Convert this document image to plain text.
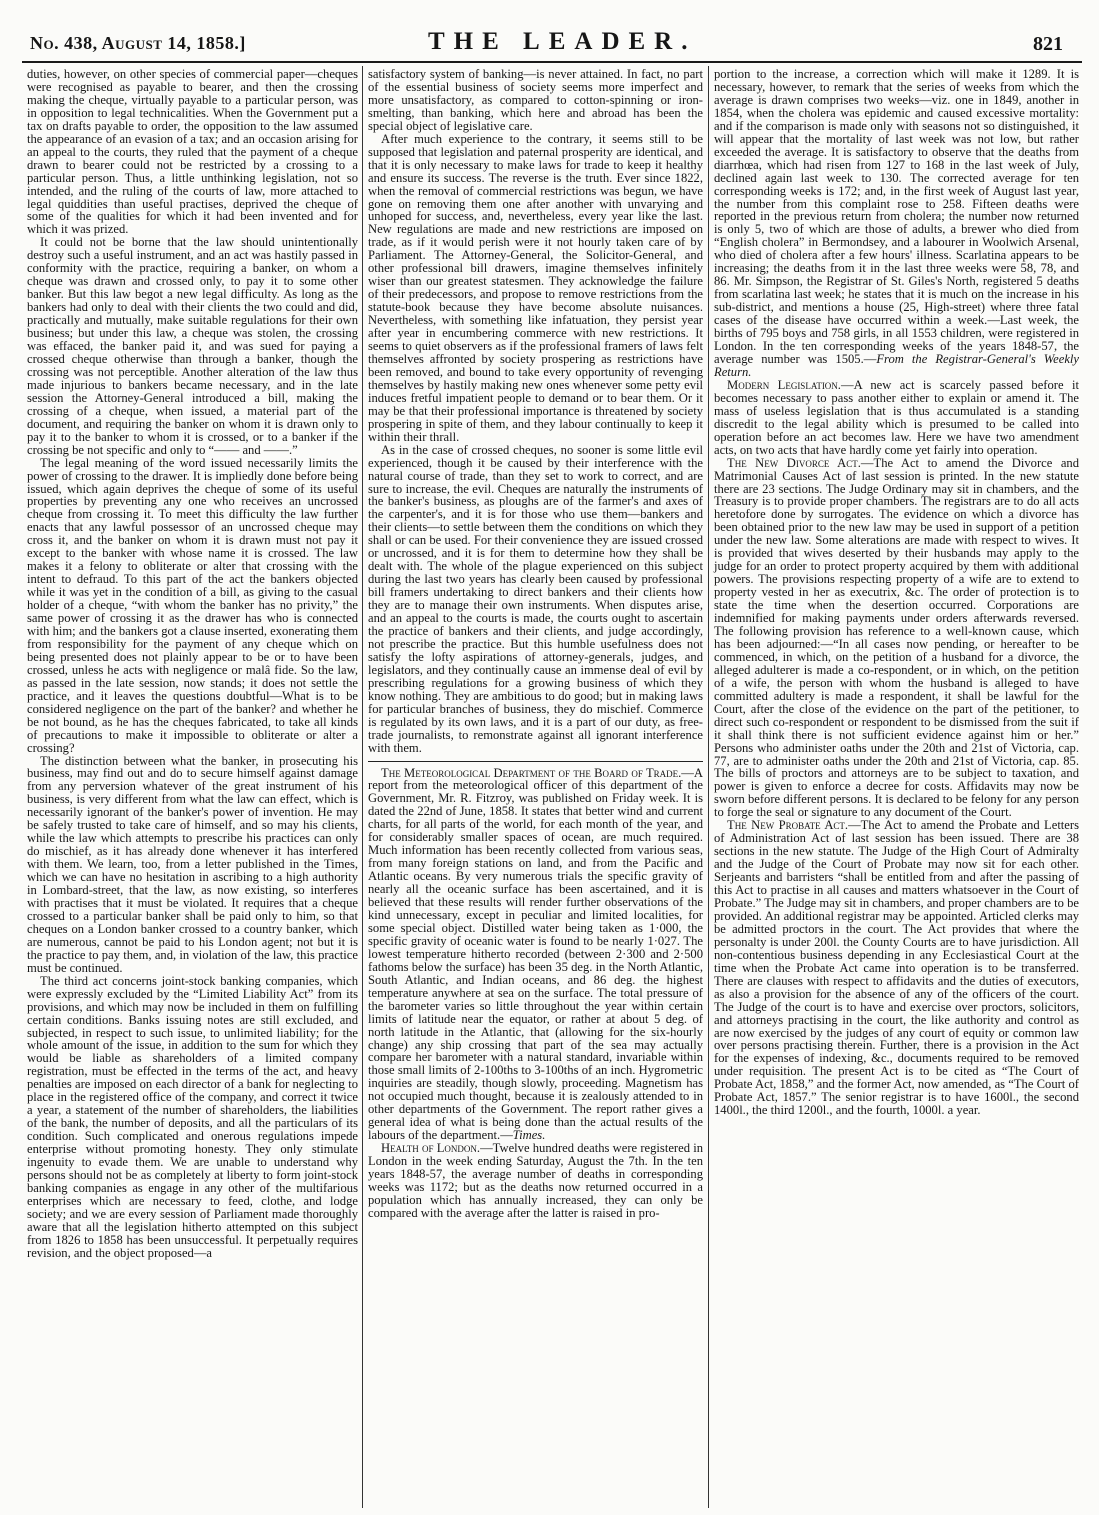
No. 438, August 14, 1858.]	THE LEADER.	821

duties, however, on other species of commercial paper—cheques were recognised as payable to bearer, and then the crossing making the cheque, virtually payable to a particular person, was in opposition to legal technicalities. When the Government put a tax on drafts payable to order, the opposition to the law assumed the appearance of an evasion of a tax; and an occasion arising for an appeal to the courts, they ruled that the payment of a cheque drawn to bearer could not be restricted by a crossing to a particular person. Thus, a little unthinking legislation, not so intended, and the ruling of the courts of law, more attached to legal quiddities than useful practises, deprived the cheque of some of the qualities for which it had been invented and for which it was prized.

It could not be borne that the law should unintentionally destroy such a useful instrument, and an act was hastily passed in conformity with the practice, requiring a banker, on whom a cheque was drawn and crossed only, to pay it to some other banker. But this law begot a new legal difficulty. As long as the bankers had only to deal with their clients the two could and did, practically and mutually, make suitable regulations for their own business; but under this law, a cheque was stolen, the crossing was effaced, the banker paid it, and was sued for paying a crossed cheque otherwise than through a banker, though the crossing was not perceptible. Another alteration of the law thus made injurious to bankers became necessary, and in the late session the Attorney-General introduced a bill, making the crossing of a cheque, when issued, a material part of the document, and requiring the banker on whom it is drawn only to pay it to the banker to whom it is crossed, or to a banker if the crossing be not specific and only to “—— and ——.”

The legal meaning of the word issued necessarily limits the power of crossing to the drawer. It is impliedly done before being issued, which again deprives the cheque of some of its useful properties by preventing any one who receives an uncrossed cheque from crossing it. To meet this difficulty the law further enacts that any lawful possessor of an uncrossed cheque may cross it, and the banker on whom it is drawn must not pay it except to the banker with whose name it is crossed. The law makes it a felony to obliterate or alter that crossing with the intent to defraud. To this part of the act the bankers objected while it was yet in the condition of a bill, as giving to the casual holder of a cheque, “with whom the banker has no privity,” the same power of crossing it as the drawer has who is connected with him; and the bankers got a clause inserted, exonerating them from responsibility for the payment of any cheque which on being presented does not plainly appear to be or to have been crossed, unless he acts with negligence or malâ fide. So the law, as passed in the late session, now stands; it does not settle the practice, and it leaves the questions doubtful—What is to be considered negligence on the part of the banker? and whether he be not bound, as he has the cheques fabricated, to take all kinds of precautions to make it impossible to obliterate or alter a crossing?

The distinction between what the banker, in prosecuting his business, may find out and do to secure himself against damage from any perversion whatever of the great instrument of his business, is very different from what the law can effect, which is necessarily ignorant of the banker's power of invention. He may be safely trusted to take care of himself, and so may his clients, while the law which attempts to prescribe his practices can only do mischief, as it has already done whenever it has interfered with them. We learn, too, from a letter published in the Times, which we can have no hesitation in ascribing to a high authority in Lombard-street, that the law, as now existing, so interferes with practises that it must be violated. It requires that a cheque crossed to a particular banker shall be paid only to him, so that cheques on a London banker crossed to a country banker, which are numerous, cannot be paid to his London agent; not but it is the practice to pay them, and, in violation of the law, this practice must be continued.

The third act concerns joint-stock banking companies, which were expressly excluded by the “Limited Liability Act” from its provisions, and which may now be included in them on fulfilling certain conditions. Banks issuing notes are still excluded, and subjected, in respect to such issue, to unlimited liability; for the whole amount of the issue, in addition to the sum for which they would be liable as shareholders of a limited company registration, must be effected in the terms of the act, and heavy penalties are imposed on each director of a bank for neglecting to place in the registered office of the company, and correct it twice a year, a statement of the number of shareholders, the liabilities of the bank, the number of deposits, and all the particulars of its condition. Such complicated and onerous regulations impede enterprise without promoting honesty. They only stimulate ingenuity to evade them. We are unable to understand why persons should not be as completely at liberty to form joint-stock banking companies as engage in any other of the multifarious enterprises which are necessary to feed, clothe, and lodge society; and we are every session of Parliament made thoroughly aware that all the legislation hitherto attempted on this subject from 1826 to 1858 has been unsuccessful. It perpetually requires revision, and the object proposed—a

satisfactory system of banking—is never attained. In fact, no part of the essential business of society seems more imperfect and more unsatisfactory, as compared to cotton-spinning or iron-smelting, than banking, which here and abroad has been the special object of legislative care.

After much experience to the contrary, it seems still to be supposed that legislation and paternal prosperity are identical, and that it is only necessary to make laws for trade to keep it healthy and ensure its success. The reverse is the truth. Ever since 1822, when the removal of commercial restrictions was begun, we have gone on removing them one after another with unvarying and unhoped for success, and, nevertheless, every year like the last. New regulations are made and new restrictions are imposed on trade, as if it would perish were it not hourly taken care of by Parliament. The Attorney-General, the Solicitor-General, and other professional bill drawers, imagine themselves infinitely wiser than our greatest statesmen. They acknowledge the failure of their predecessors, and propose to remove restrictions from the statute-book because they have become absolute nuisances. Nevertheless, with something like infatuation, they persist year after year in encumbering commerce with new restrictions. It seems to quiet observers as if the professional framers of laws felt themselves affronted by society prospering as restrictions have been removed, and bound to take every opportunity of revenging themselves by hastily making new ones whenever some petty evil induces fretful impatient people to demand or to bear them. Or it may be that their professional importance is threatened by society prospering in spite of them, and they labour continually to keep it within their thrall.

As in the case of crossed cheques, no sooner is some little evil experienced, though it be caused by their interference with the natural course of trade, than they set to work to correct, and are sure to increase, the evil. Cheques are naturally the instruments of the banker's business, as ploughs are of the farmer's and axes of the carpenter's, and it is for those who use them—bankers and their clients—to settle between them the conditions on which they shall or can be used. For their convenience they are issued crossed or uncrossed, and it is for them to determine how they shall be dealt with. The whole of the plague experienced on this subject during the last two years has clearly been caused by professional bill framers undertaking to direct bankers and their clients how they are to manage their own instruments. When disputes arise, and an appeal to the courts is made, the courts ought to ascertain the practice of bankers and their clients, and judge accordingly, not prescribe the practice. But this humble usefulness does not satisfy the lofty aspirations of attorney-generals, judges, and legislators, and they continually cause an immense deal of evil by prescribing regulations for a growing business of which they know nothing. They are ambitious to do good; but in making laws for particular branches of business, they do mischief. Commerce is regulated by its own laws, and it is a part of our duty, as free-trade journalists, to remonstrate against all ignorant interference with them.

The Meteorological Department of the Board of Trade.—A report from the meteorological officer of this department of the Government, Mr. R. Fitzroy, was published on Friday week. It is dated the 22nd of June, 1858. It states that better wind and current charts, for all parts of the world, for each month of the year, and for considerably smaller spaces of ocean, are much required. Much information has been recently collected from various seas, from many foreign stations on land, and from the Pacific and Atlantic oceans. By very numerous trials the specific gravity of nearly all the oceanic surface has been ascertained, and it is believed that these results will render further observations of the kind unnecessary, except in peculiar and limited localities, for some special object. Distilled water being taken as 1·000, the specific gravity of oceanic water is found to be nearly 1·027. The lowest temperature hitherto recorded (between 2·300 and 2·500 fathoms below the surface) has been 35 deg. in the North Atlantic, South Atlantic, and Indian oceans, and 86 deg. the highest temperature anywhere at sea on the surface. The total pressure of the barometer varies so little throughout the year within certain limits of latitude near the equator, or rather at about 5 deg. of north latitude in the Atlantic, that (allowing for the six-hourly change) any ship crossing that part of the sea may actually compare her barometer with a natural standard, invariable within those small limits of 2-100ths to 3-100ths of an inch. Hygrometric inquiries are steadily, though slowly, proceeding. Magnetism has not occupied much thought, because it is zealously attended to in other departments of the Government. The report rather gives a general idea of what is being done than the actual results of the labours of the department.—Times.

Health of London.—Twelve hundred deaths were registered in London in the week ending Saturday, August the 7th. In the ten years 1848-57, the average number of deaths in corresponding weeks was 1172; but as the deaths now returned occurred in a population which has annually increased, they can only be compared with the average after the latter is raised in pro-

portion to the increase, a correction which will make it 1289. It is necessary, however, to remark that the series of weeks from which the average is drawn comprises two weeks—viz. one in 1849, another in 1854, when the cholera was epidemic and caused excessive mortality: and if the comparison is made only with seasons not so distinguished, it will appear that the mortality of last week was not low, but rather exceeded the average. It is satisfactory to observe that the deaths from diarrhœa, which had risen from 127 to 168 in the last week of July, declined again last week to 130. The corrected average for ten corresponding weeks is 172; and, in the first week of August last year, the number from this complaint rose to 258. Fifteen deaths were reported in the previous return from cholera; the number now returned is only 5, two of which are those of adults, a brewer who died from “English cholera” in Bermondsey, and a labourer in Woolwich Arsenal, who died of cholera after a few hours' illness. Scarlatina appears to be increasing; the deaths from it in the last three weeks were 58, 78, and 86. Mr. Simpson, the Registrar of St. Giles's North, registered 5 deaths from scarlatina last week; he states that it is much on the increase in his sub-district, and mentions a house (25, High-street) where three fatal cases of the disease have occurred within a week.—Last week, the births of 795 boys and 758 girls, in all 1553 children, were registered in London. In the ten corresponding weeks of the years 1848-57, the average number was 1505.—From the Registrar-General's Weekly Return.

Modern Legislation.—A new act is scarcely passed before it becomes necessary to pass another either to explain or amend it. The mass of useless legislation that is thus accumulated is a standing discredit to the legal ability which is presumed to be called into operation before an act becomes law. Here we have two amendment acts, on two acts that have hardly come yet fairly into operation.

The New Divorce Act.—The Act to amend the Divorce and Matrimonial Causes Act of last session is printed. In the new statute there are 23 sections. The Judge Ordinary may sit in chambers, and the Treasury is to provide proper chambers. The registrars are to do all acts heretofore done by surrogates. The evidence on which a divorce has been obtained prior to the new law may be used in support of a petition under the new law. Some alterations are made with respect to wives. It is provided that wives deserted by their husbands may apply to the judge for an order to protect property acquired by them with additional powers. The provisions respecting property of a wife are to extend to property vested in her as executrix, &c. The order of protection is to state the time when the desertion occurred. Corporations are indemnified for making payments under orders afterwards reversed. The following provision has reference to a well-known cause, which has been adjourned:—“In all cases now pending, or hereafter to be commenced, in which, on the petition of a husband for a divorce, the alleged adulterer is made a co-respondent, or in which, on the petition of a wife, the person with whom the husband is alleged to have committed adultery is made a respondent, it shall be lawful for the Court, after the close of the evidence on the part of the petitioner, to direct such co-respondent or respondent to be dismissed from the suit if it shall think there is not sufficient evidence against him or her.” Persons who administer oaths under the 20th and 21st of Victoria, cap. 77, are to administer oaths under the 20th and 21st of Victoria, cap. 85. The bills of proctors and attorneys are to be subject to taxation, and power is given to enforce a decree for costs. Affidavits may now be sworn before different persons. It is declared to be felony for any person to forge the seal or signature to any document of the Court.

The New Probate Act.—The Act to amend the Probate and Letters of Administration Act of last session has been issued. There are 38 sections in the new statute. The Judge of the High Court of Admiralty and the Judge of the Court of Probate may now sit for each other. Serjeants and barristers “shall be entitled from and after the passing of this Act to practise in all causes and matters whatsoever in the Court of Probate.” The Judge may sit in chambers, and proper chambers are to be provided. An additional registrar may be appointed. Articled clerks may be admitted proctors in the court. The Act provides that where the personalty is under 200l. the County Courts are to have jurisdiction. All non-contentious business depending in any Ecclesiastical Court at the time when the Probate Act came into operation is to be transferred. There are clauses with respect to affidavits and the duties of executors, as also a provision for the absence of any of the officers of the court. The Judge of the court is to have and exercise over proctors, solicitors, and attorneys practising in the court, the like authority and control as are now exercised by the judges of any court of equity or common law over persons practising therein. Further, there is a provision in the Act for the expenses of indexing, &c., documents required to be removed under requisition. The present Act is to be cited as “The Court of Probate Act, 1858,” and the former Act, now amended, as “The Court of Probate Act, 1857.” The senior registrar is to have 1600l., the second 1400l., the third 1200l., and the fourth, 1000l. a year.
